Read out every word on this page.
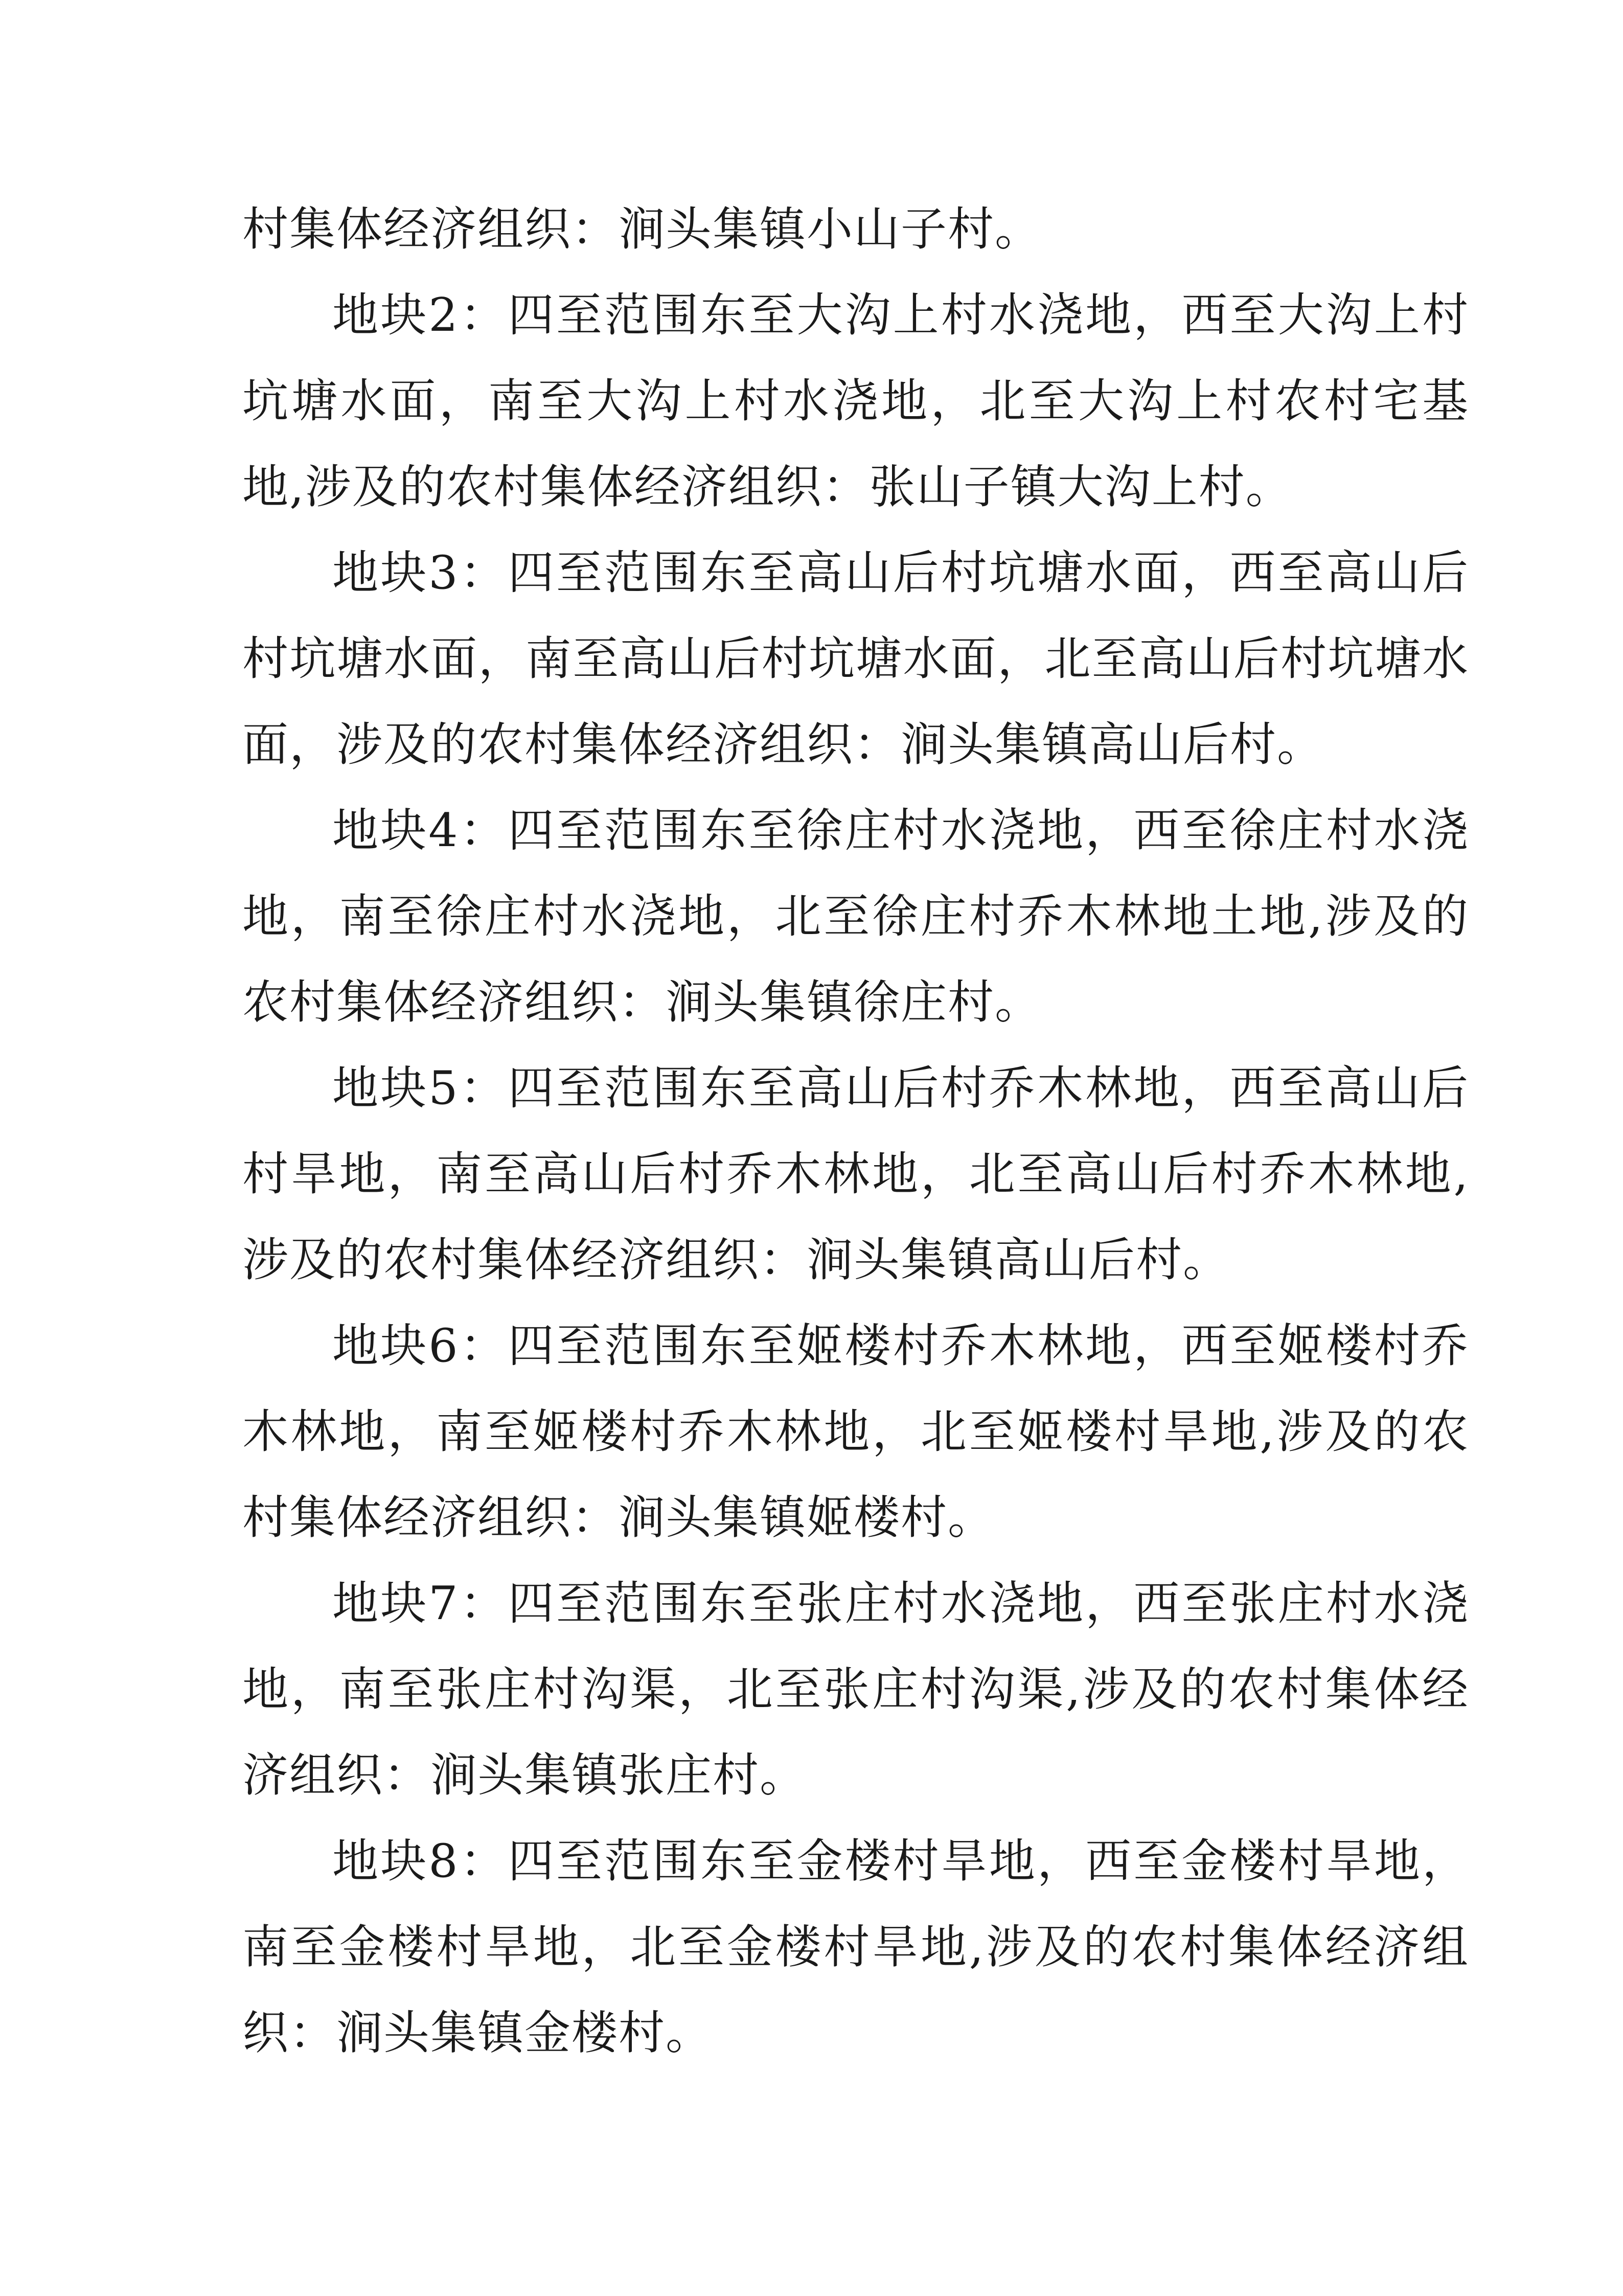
村集体经济组织：涧头集镇小山子村。

地块2：四至范围东至大沟上村水浇地，西至大沟上村坑塘水面，南至大沟上村水浇地，北至大沟上村农村宅基地,涉及的农村集体经济组织：张山子镇大沟上村。

地块3：四至范围东至高山后村坑塘水面，西至高山后村坑塘水面，南至高山后村坑塘水面，北至高山后村坑塘水面，涉及的农村集体经济组织：涧头集镇高山后村。

地块4：四至范围东至徐庄村水浇地，西至徐庄村水浇地，南至徐庄村水浇地，北至徐庄村乔木林地土地,涉及的农村集体经济组织：涧头集镇徐庄村。

地块5：四至范围东至高山后村乔木林地，西至高山后村旱地，南至高山后村乔木林地，北至高山后村乔木林地,涉及的农村集体经济组织：涧头集镇高山后村。

地块6：四至范围东至姬楼村乔木林地，西至姬楼村乔木林地，南至姬楼村乔木林地，北至姬楼村旱地,涉及的农村集体经济组织：涧头集镇姬楼村。

地块7：四至范围东至张庄村水浇地，西至张庄村水浇地，南至张庄村沟渠，北至张庄村沟渠,涉及的农村集体经济组织：涧头集镇张庄村。

地块8：四至范围东至金楼村旱地，西至金楼村旱地，南至金楼村旱地，北至金楼村旱地,涉及的农村集体经济组织：涧头集镇金楼村。
